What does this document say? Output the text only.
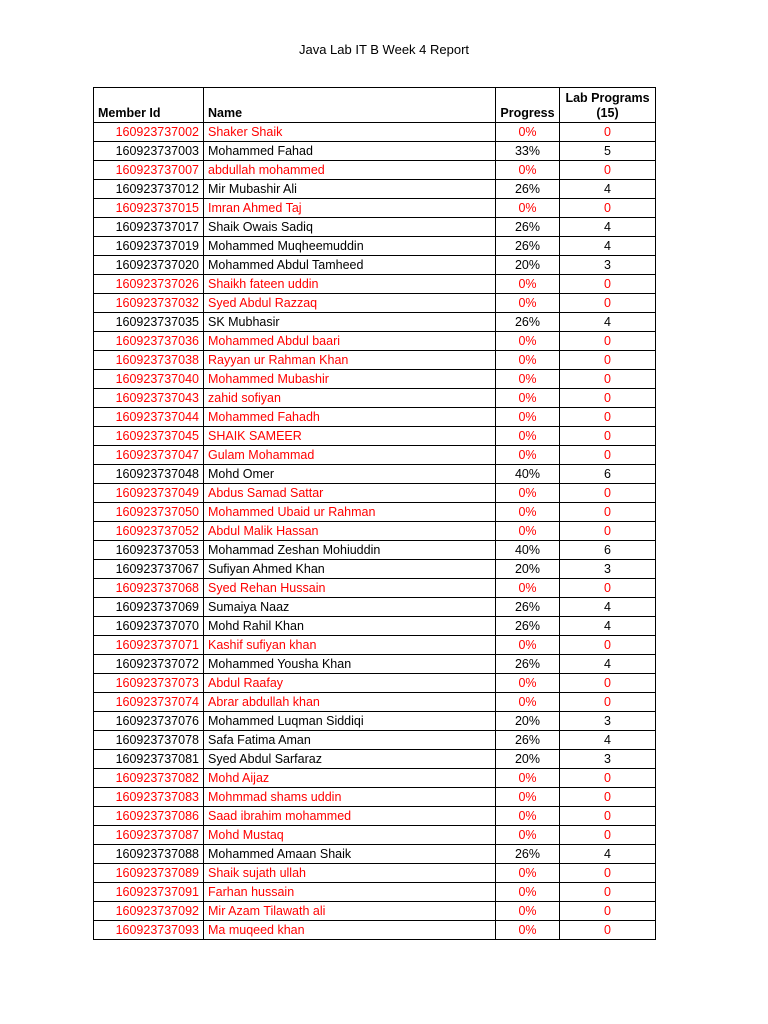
Java Lab IT B Week 4 Report
Member Id	Name	Progress	Lab Programs
(15)
160923737002	Shaker Shaik	0%	0
160923737003	Mohammed Fahad	33%	5
160923737007	abdullah mohammed	0%	0
160923737012	Mir Mubashir Ali	26%	4
160923737015	Imran Ahmed Taj	0%	0
160923737017	Shaik Owais Sadiq	26%	4
160923737019	Mohammed Muqheemuddin	26%	4
160923737020	Mohammed Abdul Tamheed	20%	3
160923737026	Shaikh fateen uddin	0%	0
160923737032	Syed Abdul Razzaq	0%	0
160923737035	SK Mubhasir	26%	4
160923737036	Mohammed Abdul baari	0%	0
160923737038	Rayyan ur Rahman Khan	0%	0
160923737040	Mohammed Mubashir	0%	0
160923737043	zahid sofiyan	0%	0
160923737044	Mohammed Fahadh	0%	0
160923737045	SHAIK SAMEER	0%	0
160923737047	Gulam Mohammad	0%	0
160923737048	Mohd Omer	40%	6
160923737049	Abdus Samad Sattar	0%	0
160923737050	Mohammed Ubaid ur Rahman	0%	0
160923737052	Abdul Malik Hassan	0%	0
160923737053	Mohammad Zeshan Mohiuddin	40%	6
160923737067	Sufiyan Ahmed Khan	20%	3
160923737068	Syed Rehan Hussain	0%	0
160923737069	Sumaiya Naaz	26%	4
160923737070	Mohd Rahil Khan	26%	4
160923737071	Kashif sufiyan khan	0%	0
160923737072	Mohammed Yousha Khan	26%	4
160923737073	Abdul Raafay	0%	0
160923737074	Abrar abdullah khan	0%	0
160923737076	Mohammed Luqman Siddiqi	20%	3
160923737078	Safa Fatima Aman	26%	4
160923737081	Syed Abdul Sarfaraz	20%	3
160923737082	Mohd Aijaz	0%	0
160923737083	Mohmmad shams uddin	0%	0
160923737086	Saad ibrahim mohammed	0%	0
160923737087	Mohd Mustaq	0%	0
160923737088	Mohammed Amaan Shaik	26%	4
160923737089	Shaik sujath ullah	0%	0
160923737091	Farhan hussain	0%	0
160923737092	Mir Azam Tilawath ali	0%	0
160923737093	Ma muqeed khan	0%	0
